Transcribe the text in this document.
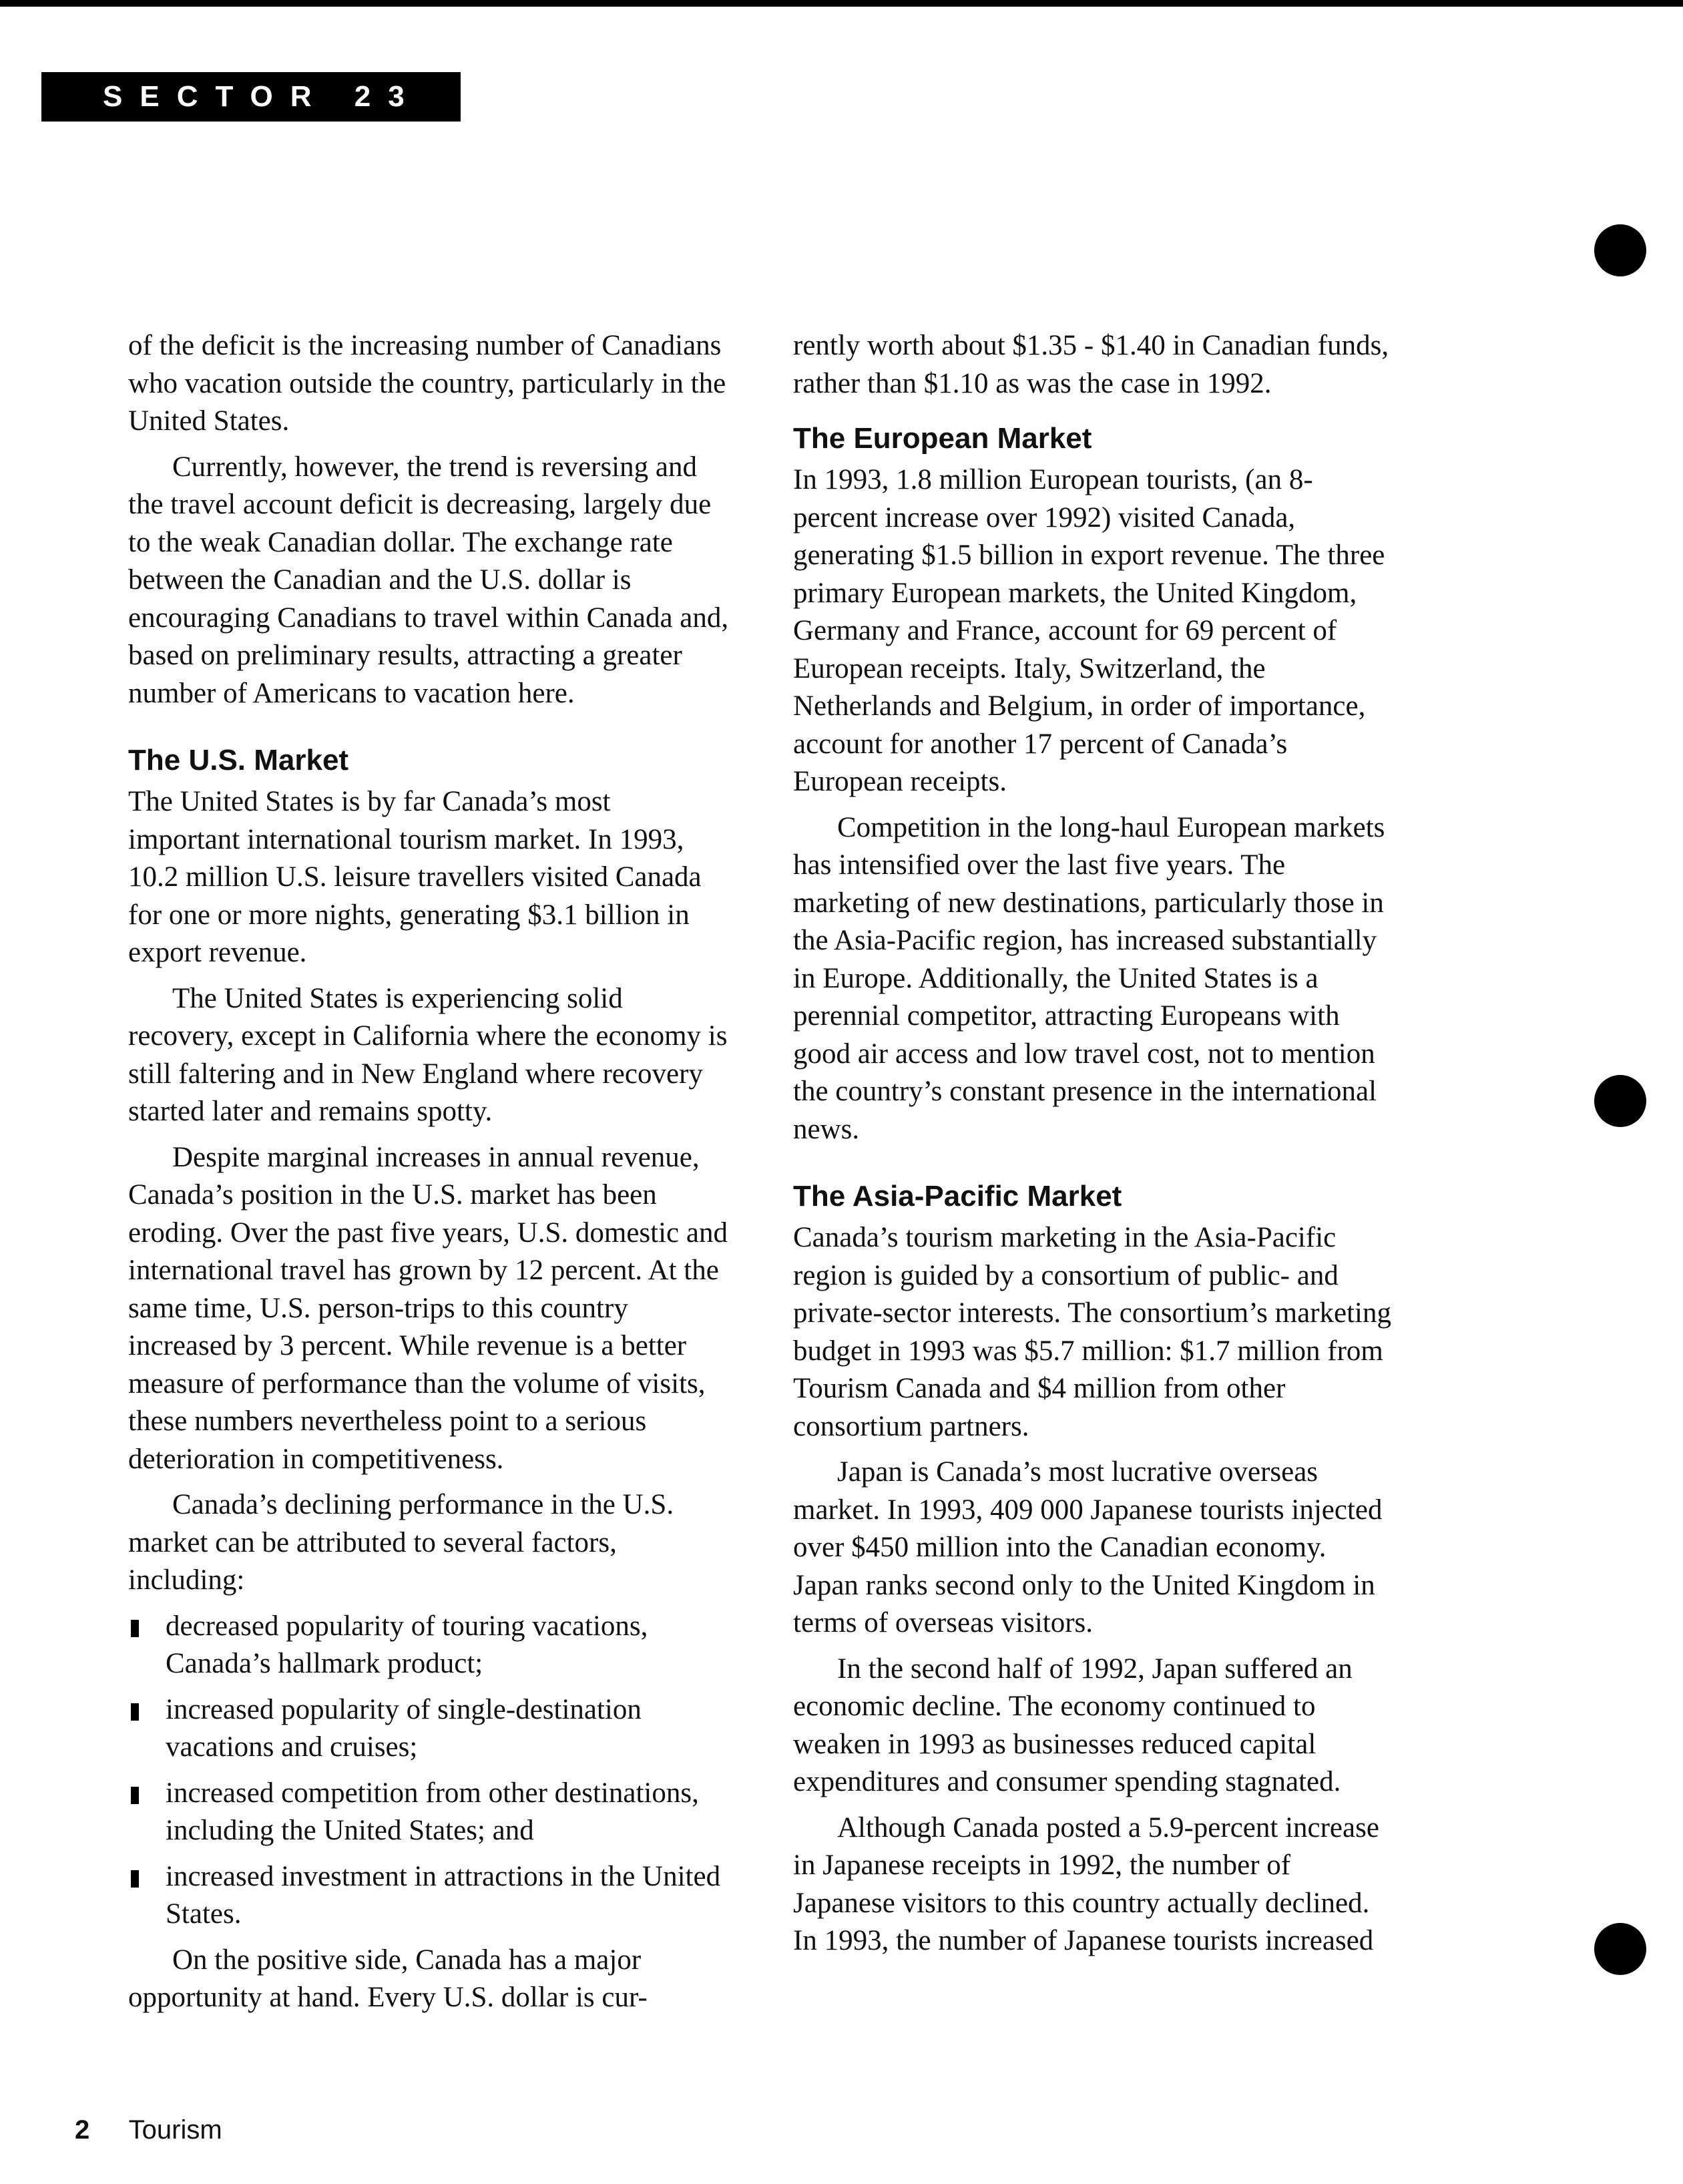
SECTOR 23

of the deficit is the increasing number of Canadians who vacation outside the country, particularly in the United States.

Currently, however, the trend is reversing and the travel account deficit is decreasing, largely due to the weak Canadian dollar. The exchange rate between the Canadian and the U.S. dollar is encouraging Canadians to travel within Canada and, based on preliminary results, attracting a greater number of Americans to vacation here.

The U.S. Market

The United States is by far Canada’s most important international tourism market. In 1993, 10.2 million U.S. leisure travellers visited Canada for one or more nights, generating $3.1 billion in export revenue.

The United States is experiencing solid recovery, except in California where the economy is still faltering and in New England where recovery started later and remains spotty.

Despite marginal increases in annual revenue, Canada’s position in the U.S. market has been eroding. Over the past five years, U.S. domestic and international travel has grown by 12 percent. At the same time, U.S. person-trips to this country increased by 3 percent. While revenue is a better measure of performance than the volume of visits, these numbers nevertheless point to a serious deterioration in competitiveness.

Canada’s declining performance in the U.S. market can be attributed to several factors, including:

decreased popularity of touring vacations, Canada’s hallmark product;
increased popularity of single-destination vacations and cruises;
increased competition from other destinations, including the United States; and
increased investment in attractions in the United States.

On the positive side, Canada has a major opportunity at hand. Every U.S. dollar is cur-

rently worth about $1.35 - $1.40 in Canadian funds, rather than $1.10 as was the case in 1992.

The European Market

In 1993, 1.8 million European tourists, (an 8-percent increase over 1992) visited Canada, generating $1.5 billion in export revenue. The three primary European markets, the United Kingdom, Germany and France, account for 69 percent of European receipts. Italy, Switzerland, the Netherlands and Belgium, in order of importance, account for another 17 percent of Canada’s European receipts.

Competition in the long-haul European markets has intensified over the last five years. The marketing of new destinations, particularly those in the Asia-Pacific region, has increased substantially in Europe. Additionally, the United States is a perennial competitor, attracting Europeans with good air access and low travel cost, not to mention the country’s constant presence in the international news.

The Asia-Pacific Market

Canada’s tourism marketing in the Asia-Pacific region is guided by a consortium of public- and private-sector interests. The consortium’s marketing budget in 1993 was $5.7 million: $1.7 million from Tourism Canada and $4 million from other consortium partners.

Japan is Canada’s most lucrative overseas market. In 1993, 409 000 Japanese tourists injected over $450 million into the Canadian economy. Japan ranks second only to the United Kingdom in terms of overseas visitors.

In the second half of 1992, Japan suffered an economic decline. The economy continued to weaken in 1993 as businesses reduced capital expenditures and consumer spending stagnated.

Although Canada posted a 5.9-percent increase in Japanese receipts in 1992, the number of Japanese visitors to this country actually declined. In 1993, the number of Japanese tourists increased

2 Tourism
